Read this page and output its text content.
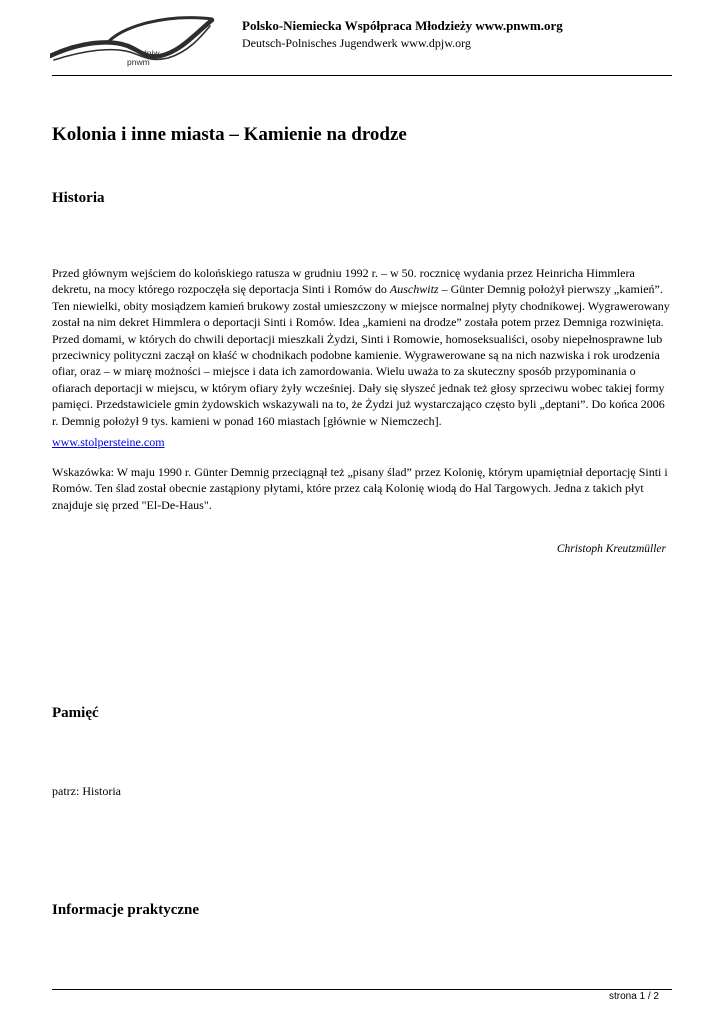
dpjw
pnwm
Polsko-Niemiecka Współpraca Młodzieży www.pnwm.org
Deutsch-Polnisches Jugendwerk www.dpjw.org
Kolonia i inne miasta – Kamienie na drodze
Historia

Przed głównym wejściem do kolońskiego ratusza w grudniu 1992 r. – w 50. rocznicę wydania przez Heinricha Himmlera
dekretu, na mocy którego rozpoczęła się deportacja Sinti i Romów do Auschwitz – Günter Demnig położył pierwszy „kamień”.
Ten niewielki, obity mosiądzem kamień brukowy został umieszczony w miejsce normalnej płyty chodnikowej. Wygrawerowany
został na nim dekret Himmlera o deportacji Sinti i Romów. Idea „kamieni na drodze” została potem przez Demniga rozwinięta.
Przed domami, w których do chwili deportacji mieszkali Żydzi, Sinti i Romowie, homoseksualiści, osoby niepełnosprawne lub
przeciwnicy polityczni zaczął on kłaść w chodnikach podobne kamienie. Wygrawerowane są na nich nazwiska i rok urodzenia
ofiar, oraz – w miarę możności – miejsce i data ich zamordowania. Wielu uważa to za skuteczny sposób przypominania o
ofiarach deportacji w miejscu, w którym ofiary żyły wcześniej. Dały się słyszeć jednak też głosy sprzeciwu wobec takiej formy
pamięci. Przedstawiciele gmin żydowskich wskazywali na to, że Żydzi już wystarczająco często byli „deptani”. Do końca 2006
r. Demnig położył 9 tys. kamieni w ponad 160 miastach [głównie w Niemczech].

www.stolpersteine.com

Wskazówka: W maju 1990 r. Günter Demnig przeciągnął też „pisany ślad” przez Kolonię, którym upamiętniał deportację Sinti i
Romów. Ten ślad został obecnie zastąpiony płytami, które przez całą Kolonię wiodą do Hal Targowych. Jedna z takich płyt
znajduje się przed "El-De-Haus".

Christoph Kreutzmüller
Pamięć
patrz: Historia
Informacje praktyczne
strona 1 / 2
